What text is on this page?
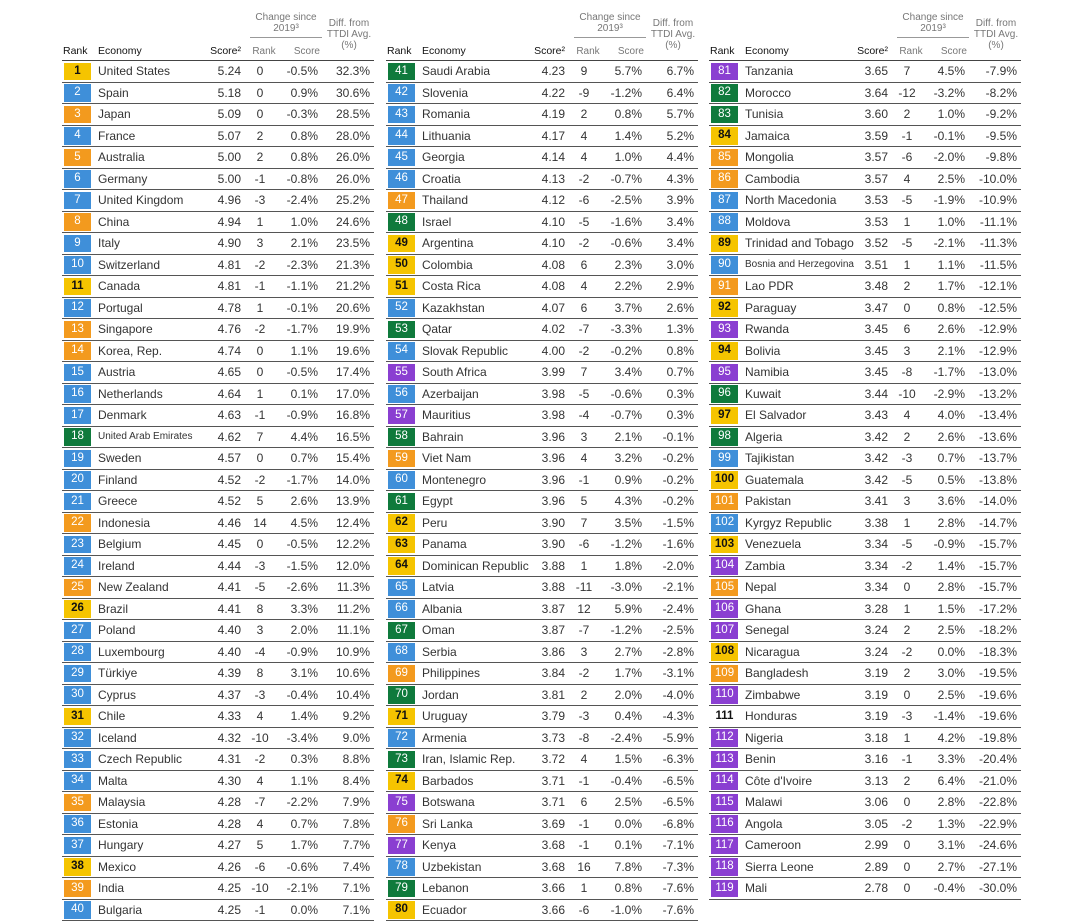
Rank Economy	Score²
Change since 2019³
Rank	Score
Diff. from TTDI Avg. (%)
1	United States	5.24	0	-0.5%	32.3%
2	Spain	5.18	0	0.9%	30.6%
3	Japan	5.09	0	-0.3%	28.5%
4	France	5.07	2	0.8%	28.0%
5	Australia	5.00	2	0.8%	26.0%
6	Germany	5.00	-1	-0.8%	26.0%
7	United Kingdom	4.96	-3	-2.4%	25.2%
8	China	4.94	1	1.0%	24.6%
9	Italy	4.90	3	2.1%	23.5%
10	Switzerland	4.81	-2	-2.3%	21.3%
11	Canada	4.81	-1	-1.1%	21.2%
12	Portugal	4.78	1	-0.1%	20.6%
13	Singapore	4.76	-2	-1.7%	19.9%
14	Korea, Rep.	4.74	0	1.1%	19.6%
15	Austria	4.65	0	-0.5%	17.4%
16	Netherlands	4.64	1	0.1%	17.0%
17	Denmark	4.63	-1	-0.9%	16.8%
18	United Arab Emirates	4.62	7	4.4%	16.5%
19	Sweden	4.57	0	0.7%	15.4%
20	Finland	4.52	-2	-1.7%	14.0%
21	Greece	4.52	5	2.6%	13.9%
22	Indonesia	4.46 14	4.5%	12.4%
23	Belgium	4.45	0	-0.5%	12.2%
24	Ireland	4.44	-3	-1.5%	12.0%
25	New Zealand	4.41	-5	-2.6%	11.3%
26	Brazil	4.41	8	3.3%	11.2%
27	Poland	4.40	3	2.0%	11.1%
28	Luxembourg	4.40	-4	-0.9%	10.9%
29	Türkiye	4.39	8	3.1%	10.6%
30	Cyprus	4.37	-3	-0.4%	10.4%
31	Chile	4.33	4	1.4%	9.2%
32	Iceland	4.32 -10	-3.4%	9.0%
33	Czech Republic	4.31	-2	0.3%	8.8%
34	Malta	4.30	4	1.1%	8.4%
35	Malaysia	4.28	-7	-2.2%	7.9%
36	Estonia	4.28	4	0.7%	7.8%
37	Hungary	4.27	5	1.7%	7.7%
38	Mexico	4.26	-6	-0.6%	7.4%
39	India	4.25 -10	-2.1%	7.1%
40	Bulgaria	4.25	-1	0.0%	7.1%
Rank Economy	Score²
Change since 2019³
Rank	Score
Diff. from TTDI Avg. (%)
41	Saudi Arabia	4.23	9	5.7%	6.7%
42	Slovenia	4.22	-9	-1.2%	6.4%
43	Romania	4.19	2	0.8%	5.7%
44	Lithuania	4.17	4	1.4%	5.2%
45	Georgia	4.14	4	1.0%	4.4%
46	Croatia	4.13	-2	-0.7%	4.3%
47	Thailand	4.12	-6	-2.5%	3.9%
48	Israel	4.10	-5	-1.6%	3.4%
49	Argentina	4.10	-2	-0.6%	3.4%
50	Colombia	4.08	6	2.3%	3.0%
51	Costa Rica	4.08	4	2.2%	2.9%
52	Kazakhstan	4.07	6	3.7%	2.6%
53	Qatar	4.02	-7	-3.3%	1.3%
54	Slovak Republic	4.00	-2	-0.2%	0.8%
55	South Africa	3.99	7	3.4%	0.7%
56	Azerbaijan	3.98	-5	-0.6%	0.3%
57	Mauritius	3.98	-4	-0.7%	0.3%
58	Bahrain	3.96	3	2.1%	-0.1%
59	Viet Nam	3.96	4	3.2%	-0.2%
60	Montenegro	3.96	-1	0.9%	-0.2%
61	Egypt	3.96	5	4.3%	-0.2%
62	Peru	3.90	7	3.5%	-1.5%
63	Panama	3.90	-6	-1.2%	-1.6%
64	Dominican Republic	3.88	1	1.8%	-2.0%
65	Latvia	3.88 -11	-3.0%	-2.1%
66	Albania	3.87 12	5.9%	-2.4%
67	Oman	3.87	-7	-1.2%	-2.5%
68	Serbia	3.86	3	2.7%	-2.8%
69	Philippines	3.84	-2	1.7%	-3.1%
70	Jordan	3.81	2	2.0%	-4.0%
71	Uruguay	3.79	-3	0.4%	-4.3%
72	Armenia	3.73	-8	-2.4%	-5.9%
73	Iran, Islamic Rep.	3.72	4	1.5%	-6.3%
74	Barbados	3.71	-1	-0.4%	-6.5%
75	Botswana	3.71	6	2.5%	-6.5%
76	Sri Lanka	3.69	-1	0.0%	-6.8%
77	Kenya	3.68	-1	0.1%	-7.1%
78	Uzbekistan	3.68 16	7.8%	-7.3%
79	Lebanon	3.66	1	0.8%	-7.6%
80	Ecuador	3.66	-6	-1.0%	-7.6%
Rank Economy	Score²
Change since 2019³
Rank	Score
Diff. from TTDI Avg. (%)
81	Tanzania	3.65	7	4.5%	-7.9%
82	Morocco	3.64 -12	-3.2%	-8.2%
83	Tunisia	3.60	2	1.0%	-9.2%
84	Jamaica	3.59	-1	-0.1%	-9.5%
85	Mongolia	3.57	-6	-2.0%	-9.8%
86	Cambodia	3.57	4	2.5%	-10.0%
87	North Macedonia	3.53	-5	-1.9%	-10.9%
88	Moldova	3.53	1	1.0%	-11.1%
89	Trinidad and Tobago 3.52	-5	-2.1%	-11.3%
90	Bosnia and Herzegovina 3.51	1	1.1%	-11.5%
91	Lao PDR	3.48	2	1.7%	-12.1%
92	Paraguay	3.47	0	0.8%	-12.5%
93	Rwanda	3.45	6	2.6%	-12.9%
94	Bolivia	3.45	3	2.1%	-12.9%
95	Namibia	3.45	-8	-1.7%	-13.0%
96	Kuwait	3.44 -10	-2.9%	-13.2%
97	El Salvador	3.43	4	4.0%	-13.4%
98	Algeria	3.42	2	2.6%	-13.6%
99	Tajikistan	3.42	-3	0.7%	-13.7%
100 Guatemala	3.42	-5	0.5%	-13.8%
101 Pakistan	3.41	3	3.6%	-14.0%
102 Kyrgyz Republic	3.38	1	2.8%	-14.7%
103 Venezuela	3.34	-5	-0.9%	-15.7%
104 Zambia	3.34	-2	1.4%	-15.7%
105 Nepal	3.34	0	2.8%	-15.7%
106 Ghana	3.28	1	1.5%	-17.2%
107 Senegal	3.24	2	2.5%	-18.2%
108 Nicaragua	3.24	-2	0.0%	-18.3%
109 Bangladesh	3.19	2	3.0%	-19.5%
110 Zimbabwe	3.19	0	2.5%	-19.6%
111 Honduras	3.19	-3	-1.4%	-19.6%
112 Nigeria	3.18	1	4.2%	-19.8%
113 Benin	3.16	-1	3.3%	-20.4%
114 Côte d'Ivoire	3.13	2	6.4%	-21.0%
115 Malawi	3.06	0	2.8%	-22.8%
116 Angola	3.05	-2	1.3%	-22.9%
117 Cameroon	2.99	0	3.1%	-24.6%
118 Sierra Leone	2.89	0	2.7%	-27.1%
119 Mali	2.78	0	-0.4%	-30.0%
